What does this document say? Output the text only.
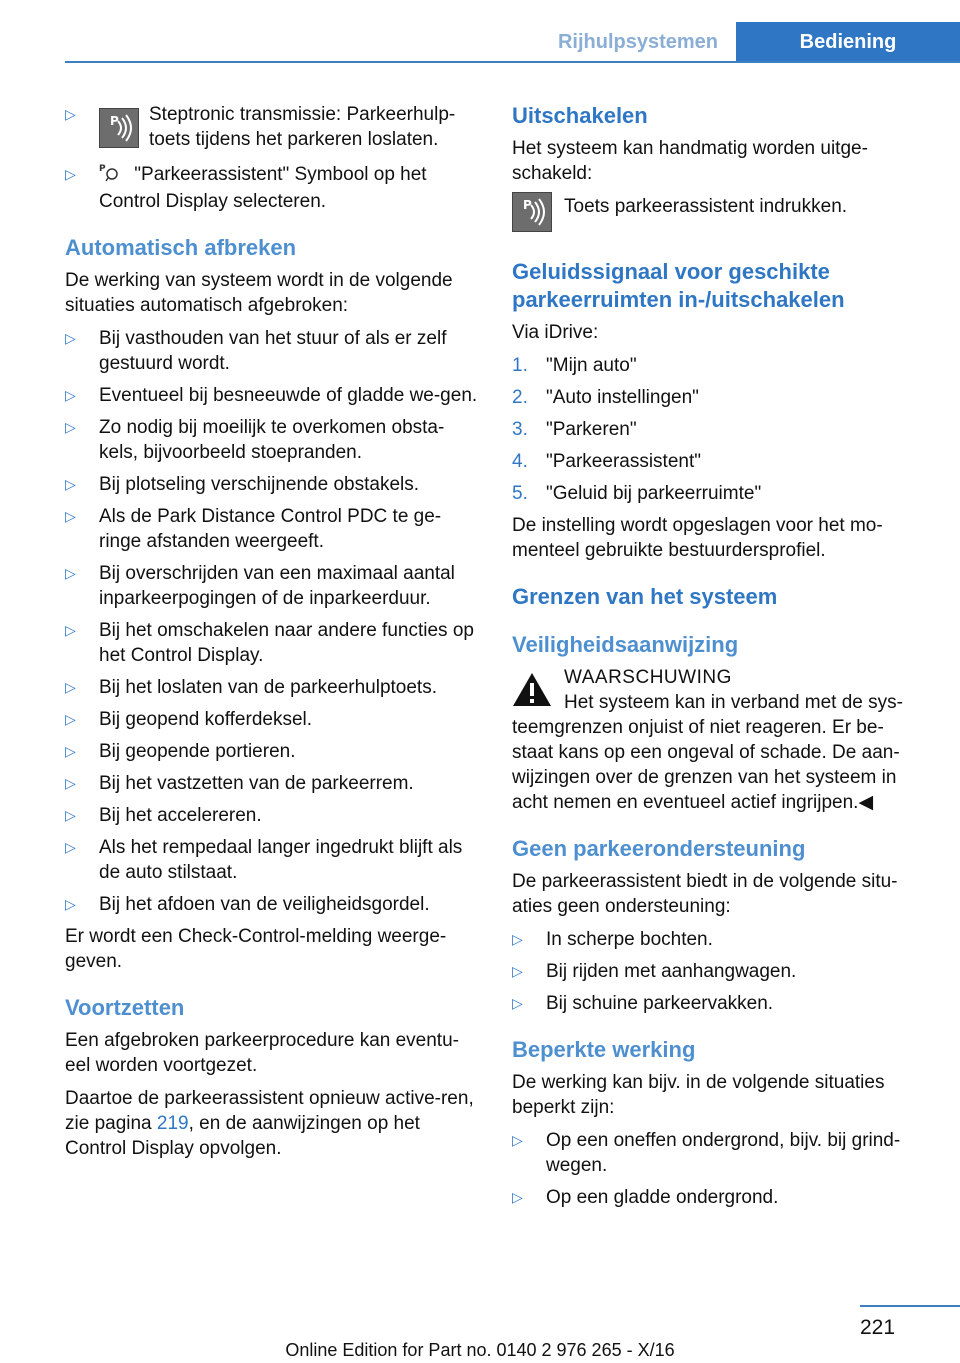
Rijhulpsystemen	Bediening
▷	P Steptronic transmissie: Parkeerhulp-toets tijdens het parkeren loslaten.
▷	P "Parkeerassistent" Symbool op het Control Display selecteren.
Automatisch afbreken

De werking van systeem wordt in de volgende situaties automatisch afgebroken:

▷ Bij vasthouden van het stuur of als er zelf gestuurd wordt.
▷ Eventueel bij besneeuwde of gladde we-gen.
▷ Zo nodig bij moeilijk te overkomen obsta-kels, bijvoorbeeld stoepranden.
▷ Bij plotseling verschijnende obstakels.
▷ Als de Park Distance Control PDC te ge-ringe afstanden weergeeft.
▷ Bij overschrijden van een maximaal aantal inparkeerpogingen of de inparkeerduur.
▷ Bij het omschakelen naar andere functies op het Control Display.
▷ Bij het loslaten van de parkeerhulptoets.
▷ Bij geopend kofferdeksel.
▷ Bij geopende portieren.
▷ Bij het vastzetten van de parkeerrem.
▷ Bij het accelereren.
▷ Als het rempedaal langer ingedrukt blijft als de auto stilstaat.
▷ Bij het afdoen van de veiligheidsgordel.

Er wordt een Check-Control-melding weerge-geven.

Voortzetten

Een afgebroken parkeerprocedure kan eventu-eel worden voortgezet.

Daartoe de parkeerassistent opnieuw active-ren, zie pagina 219, en de aanwijzingen op het Control Display opvolgen.

Uitschakelen

Het systeem kan handmatig worden uitge-schakeld:

P Toets parkeerassistent indrukken.
Geluidssignaal voor geschikte parkeerruimten in-/uitschakelen

Via iDrive:

1. "Mijn auto"
2. "Auto instellingen"
3. "Parkeren"
4. "Parkeerassistent"
5. "Geluid bij parkeerruimte"

De instelling wordt opgeslagen voor het mo-menteel gebruikte bestuurdersprofiel.

Grenzen van het systeem
Veiligheidsaanwijzing
WAARSCHUWING

Het systeem kan in verband met de sys-teemgrenzen onjuist of niet reageren. Er be-staat kans op een ongeval of schade. De aan-wijzingen over de grenzen van het systeem in acht nemen en eventueel actief ingrijpen.◀

Geen parkeerondersteuning

De parkeerassistent biedt in de volgende situ-aties geen ondersteuning:

▷ In scherpe bochten.
▷ Bij rijden met aanhangwagen.
▷ Bij schuine parkeervakken.
Beperkte werking

De werking kan bijv. in de volgende situaties beperkt zijn:

▷ Op een oneffen ondergrond, bijv. bij grind-wegen.
▷ Op een gladde ondergrond.
221
Online Edition for Part no. 0140 2 976 265 - X/16
